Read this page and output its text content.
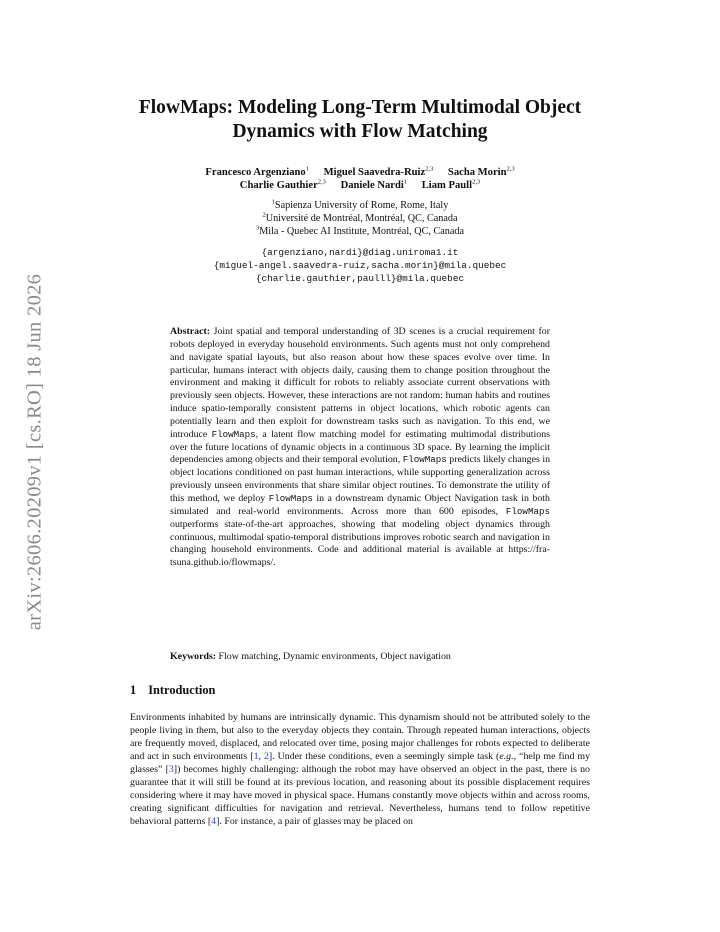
arXiv:2606.20209v1 [cs.RO] 18 Jun 2026
FlowMaps: Modeling Long-Term Multimodal Object
Dynamics with Flow Matching
Francesco Argenziano$^1$ Miguel Saavedra-Ruiz$^{2,3}$ Sacha Morin$^{2,3}$
Charlie Gauthier$^{2,3}$ Daniele Nardi$^1$ Liam Paull$^{2,3}$
$^1$Sapienza University of Rome, Rome, Italy
$^2$Université de Montréal, Montréal, QC, Canada
$^3$Mila - Quebec AI Institute, Montréal, QC, Canada
{argenziano,nardi}@diag.uniroma1.it
{miguel-angel.saavedra-ruiz,sacha.morin}@mila.quebec
{charlie.gauthier,paulll}@mila.quebec
Abstract: Joint spatial and temporal understanding of 3D scenes is a crucial requirement for robots deployed in everyday household environments. Such agents must not only comprehend and navigate spatial layouts, but also reason about how these spaces evolve over time. In particular, humans interact with objects daily, causing them to change position throughout the environment and making it difficult for robots to reliably associate current observations with previously seen objects. However, these interactions are not random: human habits and routines induce spatio-temporally consistent patterns in object locations, which robotic agents can potentially learn and then exploit for downstream tasks such as navigation. To this end, we introduce FlowMaps, a latent flow matching model for estimating multimodal distributions over the future locations of dynamic objects in a continuous 3D space. By learning the implicit dependencies among objects and their temporal evolution, FlowMaps predicts likely changes in object locations conditioned on past human interactions, while supporting generalization across previously unseen environments that share similar object routines. To demonstrate the utility of this method, we deploy FlowMaps in a downstream dynamic Object Navigation task in both simulated and real-world environments. Across more than 600 episodes, FlowMaps outperforms state-of-the-art approaches, showing that modeling object dynamics through continuous, multimodal spatio-temporal distributions improves robotic search and navigation in changing household environments. Code and additional material is available at https://fra-tsuna.github.io/flowmaps/.
Keywords: Flow matching, Dynamic environments, Object navigation
1 Introduction
Environments inhabited by humans are intrinsically dynamic. This dynamism should not be attributed solely to the people living in them, but also to the everyday objects they contain. Through repeated human interactions, objects are frequently moved, displaced, and relocated over time, posing major challenges for robots expected to deliberate and act in such environments [1, 2]. Under these conditions, even a seemingly simple task (e.g., “help me find my glasses” [3]) becomes highly challenging: although the robot may have observed an object in the past, there is no guarantee that it will still be found at its previous location, and reasoning about its possible displacement requires considering where it may have moved in physical space. Humans constantly move objects within and across rooms, creating significant difficulties for navigation and retrieval. Nevertheless, humans tend to follow repetitive behavioral patterns [4]. For instance, a pair of glasses may be placed on
